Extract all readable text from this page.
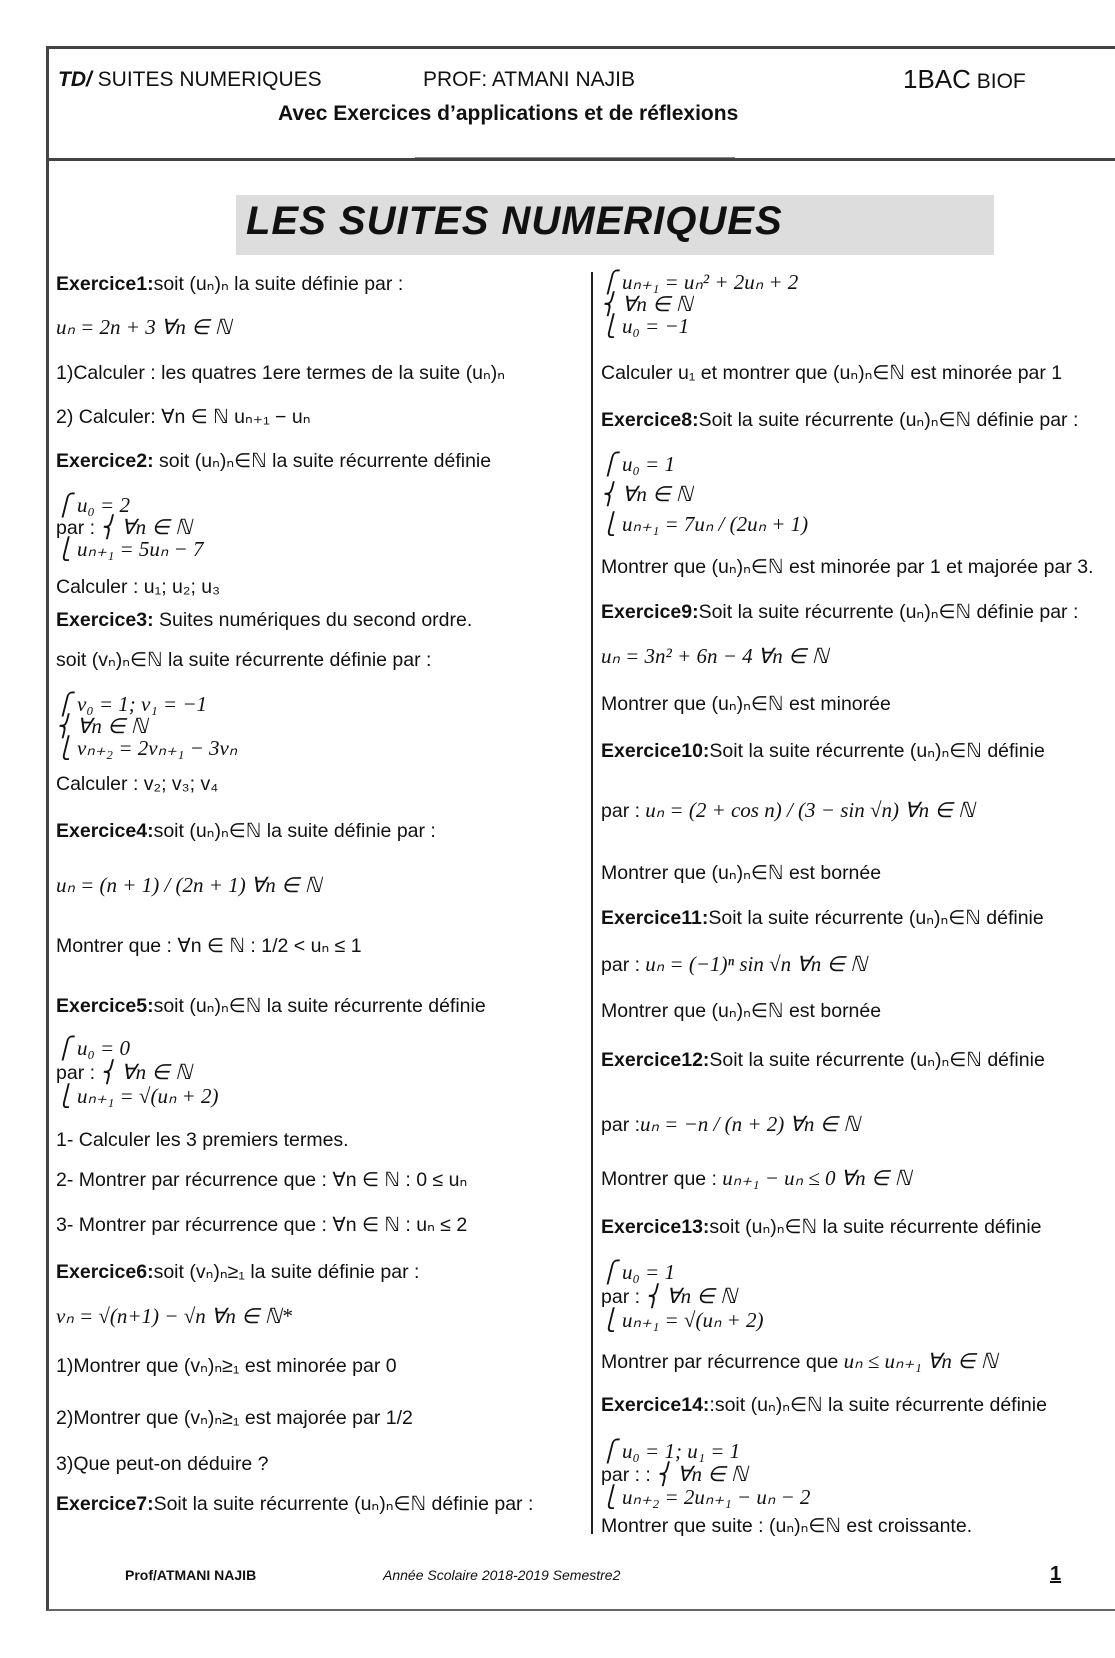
TD/ SUITES NUMERIQUES	PROF: ATMANI NAJIB	1BAC BIOF
Avec Exercices d’applications et de réflexions
LES SUITES NUMERIQUES
Exercice1:soit (uₙ)ₙ la suite définie par :
uₙ = 2n + 3 ∀n ∈ ℕ
1)Calculer : les quatres 1ere termes de la suite (uₙ)ₙ
2) Calculer: ∀n ∈ ℕ uₙ₊₁ − uₙ
Exercice2: soit (uₙ)ₙ∈ℕ la suite récurrente définie
⎧ u₀ = 2
par : ⎨ ∀n ∈ ℕ
⎩ uₙ₊₁ = 5uₙ − 7
Calculer : u₁; u₂; u₃
Exercice3: Suites numériques du second ordre.
soit (vₙ)ₙ∈ℕ la suite récurrente définie par :
⎧ v₀ = 1; v₁ = −1
⎨ ∀n ∈ ℕ
⎩ vₙ₊₂ = 2vₙ₊₁ − 3vₙ
Calculer : v₂; v₃; v₄
Exercice4:soit (uₙ)ₙ∈ℕ la suite définie par :
uₙ = (n + 1) / (2n + 1) ∀n ∈ ℕ
Montrer que : ∀n ∈ ℕ : 1/2 < uₙ ≤ 1
Exercice5:soit (uₙ)ₙ∈ℕ la suite récurrente définie
⎧ u₀ = 0
par : ⎨ ∀n ∈ ℕ
⎩ uₙ₊₁ = √(uₙ + 2)
1- Calculer les 3 premiers termes.
2- Montrer par récurrence que : ∀n ∈ ℕ : 0 ≤ uₙ
3- Montrer par récurrence que : ∀n ∈ ℕ : uₙ ≤ 2
Exercice6:soit (vₙ)ₙ≥₁ la suite définie par :
vₙ = √(n+1) − √n ∀n ∈ ℕ*
1)Montrer que (vₙ)ₙ≥₁ est minorée par 0
2)Montrer que (vₙ)ₙ≥₁ est majorée par 1/2
3)Que peut-on déduire ?
Exercice7:Soit la suite récurrente (uₙ)ₙ∈ℕ définie par :
⎧ uₙ₊₁ = uₙ² + 2uₙ + 2
⎨ ∀n ∈ ℕ
⎩ u₀ = −1
Calculer u₁ et montrer que (uₙ)ₙ∈ℕ est minorée par 1
Exercice8:Soit la suite récurrente (uₙ)ₙ∈ℕ définie par :
⎧ u₀ = 1
⎨ ∀n ∈ ℕ
⎩ uₙ₊₁ = 7uₙ / (2uₙ + 1)
Montrer que (uₙ)ₙ∈ℕ est minorée par 1 et majorée par 3.
Exercice9:Soit la suite récurrente (uₙ)ₙ∈ℕ définie par :
uₙ = 3n² + 6n − 4 ∀n ∈ ℕ
Montrer que (uₙ)ₙ∈ℕ est minorée
Exercice10:Soit la suite récurrente (uₙ)ₙ∈ℕ définie
par : uₙ = (2 + cos n) / (3 − sin √n) ∀n ∈ ℕ
Montrer que (uₙ)ₙ∈ℕ est bornée
Exercice11:Soit la suite récurrente (uₙ)ₙ∈ℕ définie
par : uₙ = (−1)ⁿ sin √n ∀n ∈ ℕ
Montrer que (uₙ)ₙ∈ℕ est bornée
Exercice12:Soit la suite récurrente (uₙ)ₙ∈ℕ définie
par :uₙ = −n / (n + 2) ∀n ∈ ℕ
Montrer que : uₙ₊₁ − uₙ ≤ 0 ∀n ∈ ℕ
Exercice13:soit (uₙ)ₙ∈ℕ la suite récurrente définie
⎧ u₀ = 1
par : ⎨ ∀n ∈ ℕ
⎩ uₙ₊₁ = √(uₙ + 2)
Montrer par récurrence que uₙ ≤ uₙ₊₁ ∀n ∈ ℕ
Exercice14::soit (uₙ)ₙ∈ℕ la suite récurrente définie
⎧ u₀ = 1; u₁ = 1
par : : ⎨ ∀n ∈ ℕ
⎩ uₙ₊₂ = 2uₙ₊₁ − uₙ − 2
Montrer que suite : (uₙ)ₙ∈ℕ est croissante.
Prof/ATMANI NAJIB	Année Scolaire 2018-2019 Semestre2	1
